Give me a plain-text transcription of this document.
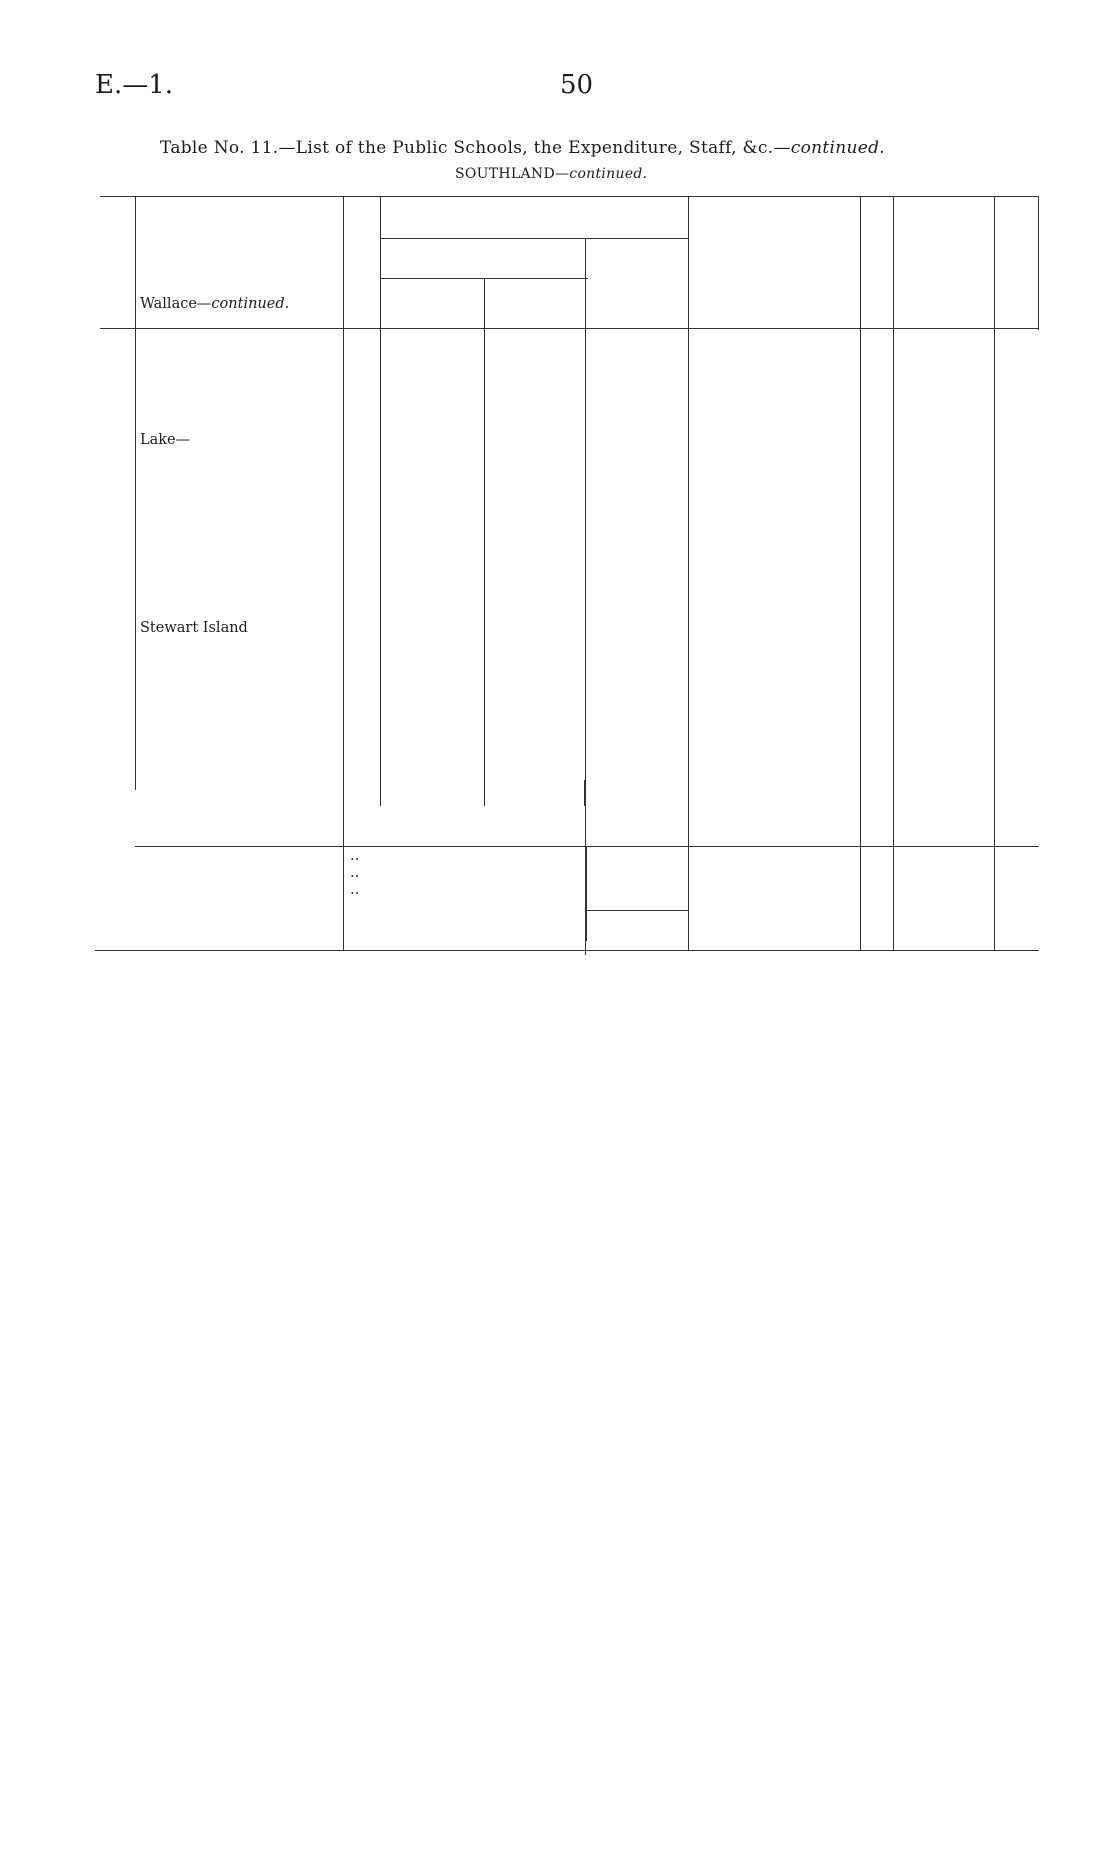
E.—1.	50
Table No. 11.—List of the Public Schools, the Expenditure, Staff, &c.—continued.
SOUTHLAND—continued.
Wallace—continued.
Lake—
Stewart Island
..
..
..
